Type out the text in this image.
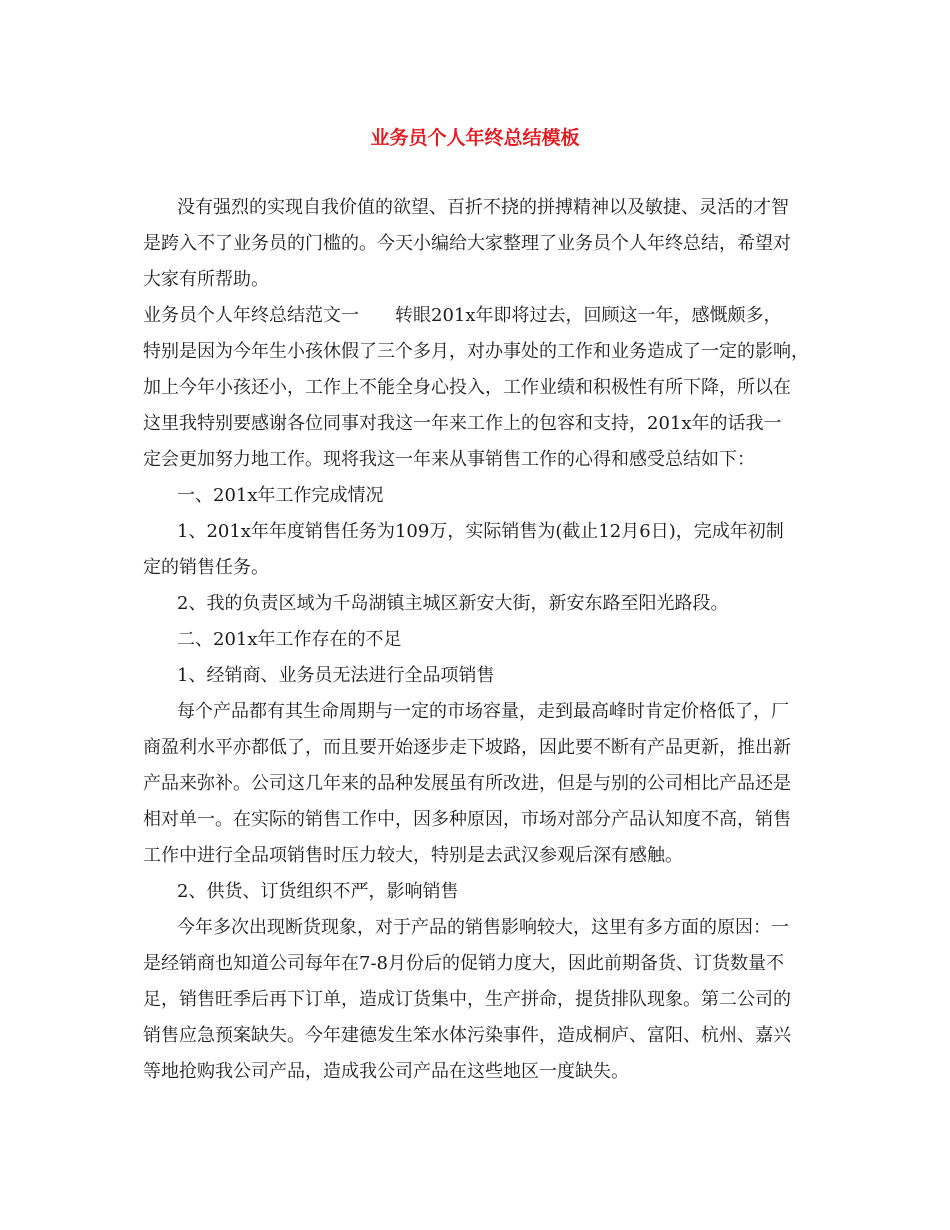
业务员个人年终总结模板

没有强烈的实现自我价值的欲望、百折不挠的拼搏精神以及敏捷、灵活的才智

是跨入不了业务员的门槛的。今天小编给大家整理了业务员个人年终总结，希望对

大家有所帮助。

业务员个人年终总结范文一　　转眼201x年即将过去，回顾这一年，感慨颇多，

特别是因为今年生小孩休假了三个多月，对办事处的工作和业务造成了一定的影响，

加上今年小孩还小，工作上不能全身心投入，工作业绩和积极性有所下降，所以在

这里我特别要感谢各位同事对我这一年来工作上的包容和支持，201x年的话我一

定会更加努力地工作。现将我这一年来从事销售工作的心得和感受总结如下：

一、201x年工作完成情况

1、201x年年度销售任务为109万，实际销售为(截止12月6日)，完成年初制

定的销售任务。

2、我的负责区域为千岛湖镇主城区新安大街，新安东路至阳光路段。

二、201x年工作存在的不足

1、经销商、业务员无法进行全品项销售

每个产品都有其生命周期与一定的市场容量，走到最高峰时肯定价格低了，厂

商盈利水平亦都低了，而且要开始逐步走下坡路，因此要不断有产品更新，推出新

产品来弥补。公司这几年来的品种发展虽有所改进，但是与别的公司相比产品还是

相对单一。在实际的销售工作中，因多种原因，市场对部分产品认知度不高，销售

工作中进行全品项销售时压力较大，特别是去武汉参观后深有感触。

2、供货、订货组织不严，影响销售

今年多次出现断货现象，对于产品的销售影响较大，这里有多方面的原因：一

是经销商也知道公司每年在7-8月份后的促销力度大，因此前期备货、订货数量不

足，销售旺季后再下订单，造成订货集中，生产拼命，提货排队现象。第二公司的

销售应急预案缺失。今年建德发生笨水体污染事件，造成桐庐、富阳、杭州、嘉兴

等地抢购我公司产品，造成我公司产品在这些地区一度缺失。
